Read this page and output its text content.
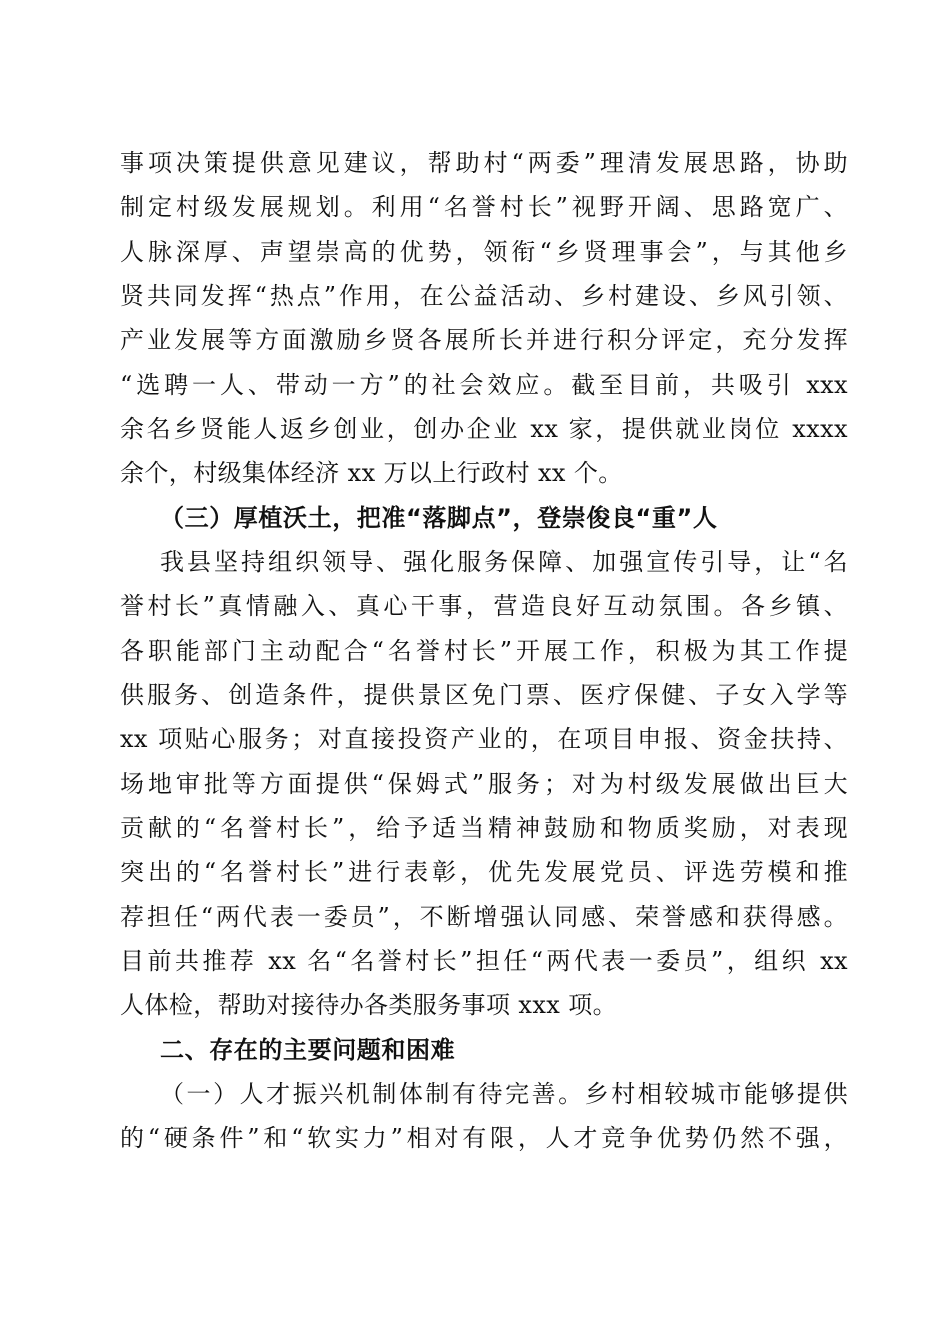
事项决策提供意见建议，帮助村“两委”理清发展思路，协助
制定村级发展规划。利用“名誉村长”视野开阔、思路宽广、
人脉深厚、声望崇高的优势，领衔“乡贤理事会”，与其他乡
贤共同发挥“热点”作用，在公益活动、乡村建设、乡风引领、
产业发展等方面激励乡贤各展所长并进行积分评定，充分发挥
“选聘一人、带动一方”的社会效应。截至目前，共吸引 xxx
余名乡贤能人返乡创业，创办企业 xx 家，提供就业岗位 xxxx
余个，村级集体经济 xx 万以上行政村 xx 个。
（三）厚植沃土，把准“落脚点”，登崇俊良“重”人
我县坚持组织领导、强化服务保障、加强宣传引导，让“名
誉村长”真情融入、真心干事，营造良好互动氛围。各乡镇、
各职能部门主动配合“名誉村长”开展工作，积极为其工作提
供服务、创造条件，提供景区免门票、医疗保健、子女入学等
xx 项贴心服务；对直接投资产业的，在项目申报、资金扶持、
场地审批等方面提供“保姆式”服务；对为村级发展做出巨大
贡献的“名誉村长”，给予适当精神鼓励和物质奖励，对表现
突出的“名誉村长”进行表彰，优先发展党员、评选劳模和推
荐担任“两代表一委员”，不断增强认同感、荣誉感和获得感。
目前共推荐 xx 名“名誉村长”担任“两代表一委员”，组织 xx
人体检，帮助对接待办各类服务事项 xxx 项。
二、存在的主要问题和困难
（一）人才振兴机制体制有待完善。乡村相较城市能够提供
的“硬条件”和“软实力”相对有限，人才竞争优势仍然不强，
